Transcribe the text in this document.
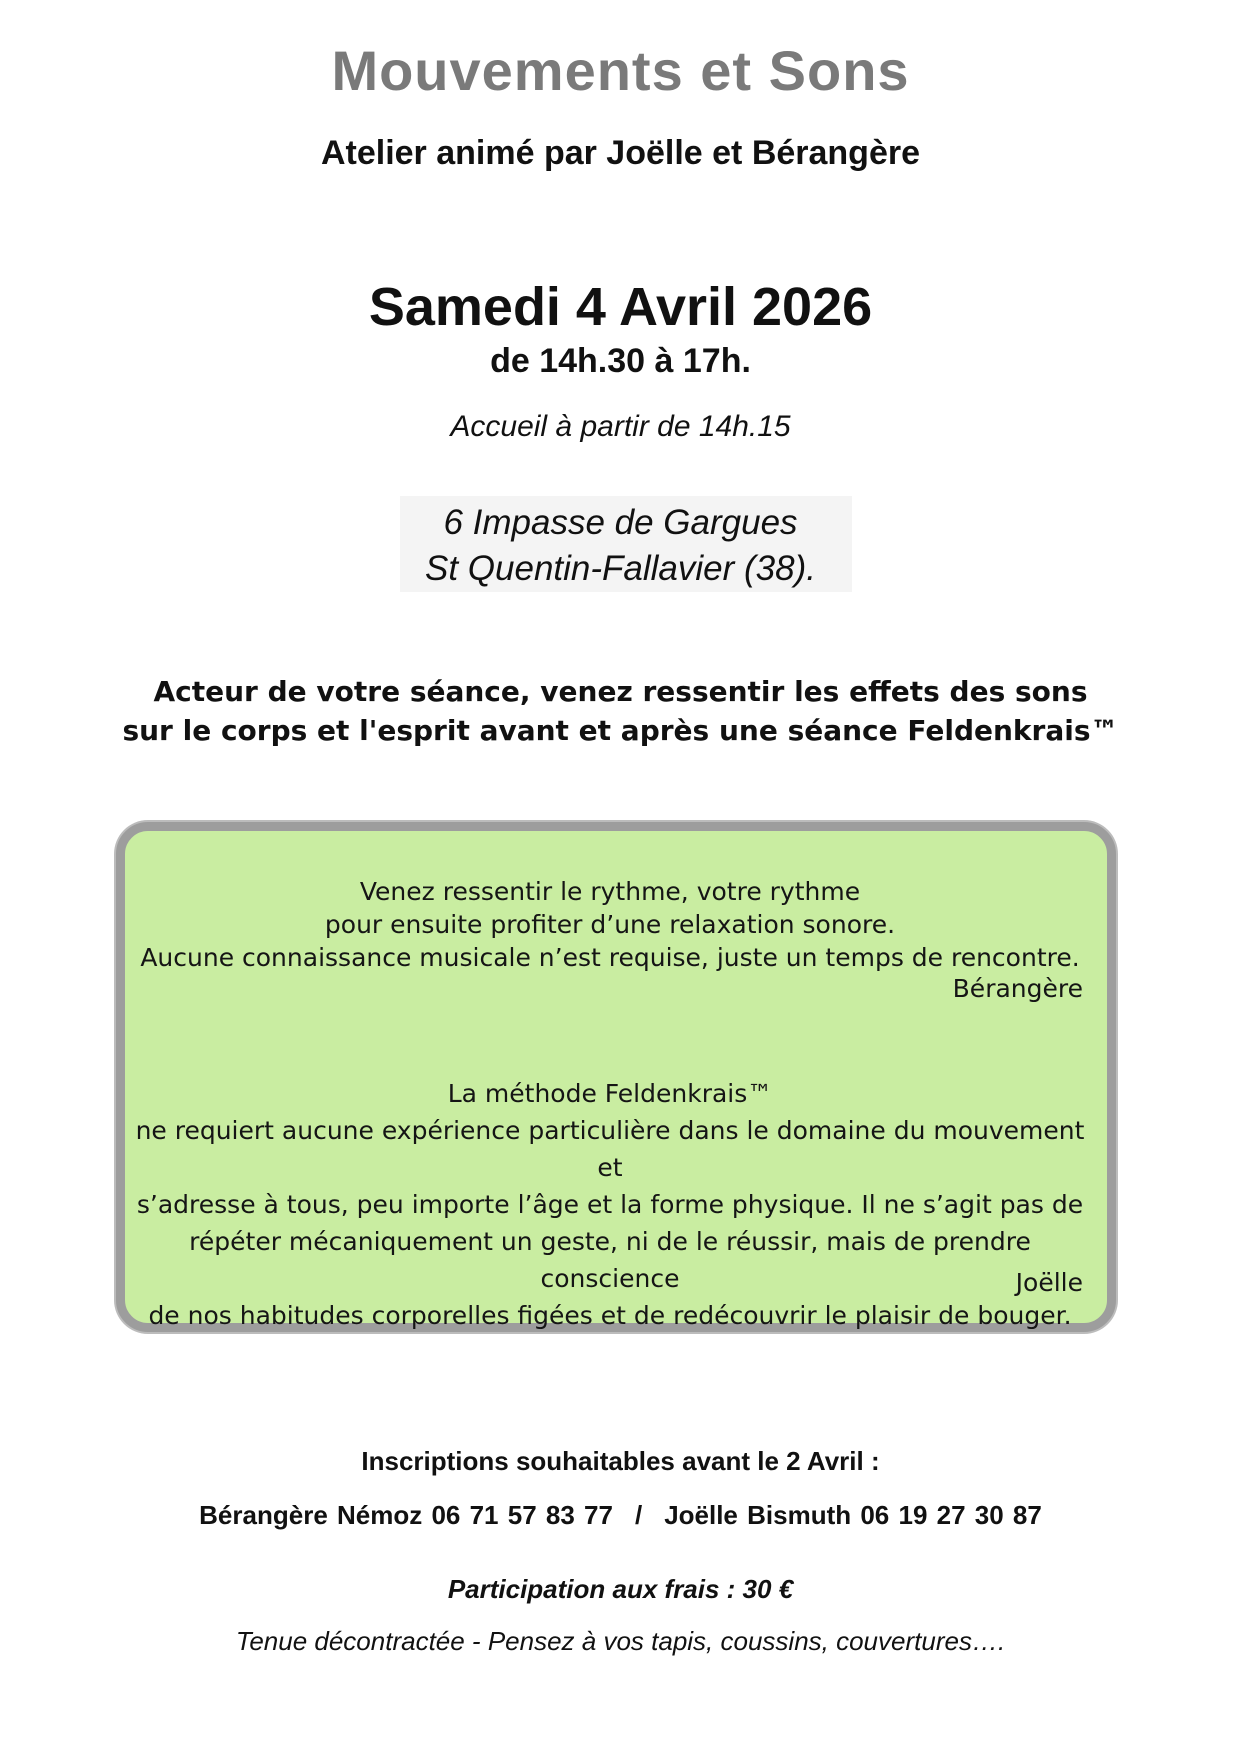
Mouvements et Sons
Atelier animé par Joëlle et Bérangère
Samedi 4 Avril 2026
de 14h.30 à 17h.
Accueil à partir de 14h.15
6 Impasse de Gargues
St Quentin-Fallavier (38).
Acteur de votre séance, venez ressentir les effets des sons
sur le corps et l'esprit avant et après une séance Feldenkrais™
Venez ressentir le rythme, votre rythme
pour ensuite profiter d’une relaxation sonore.
Aucune connaissance musicale n’est requise, juste un temps de rencontre.
Bérangère
La méthode Feldenkrais™
ne requiert aucune expérience particulière dans le domaine du mouvement et
s’adresse à tous, peu importe l’âge et la forme physique. Il ne s’agit pas de
répéter mécaniquement un geste, ni de le réussir, mais de prendre conscience
de nos habitudes corporelles figées et de redécouvrir le plaisir de bouger.
Joëlle
Inscriptions souhaitables avant le 2 Avril :
Bérangère Némoz 06 71 57 83 77 / Joëlle Bismuth 06 19 27 30 87
Participation aux frais : 30 €
Tenue décontractée - Pensez à vos tapis, coussins, couvertures….
